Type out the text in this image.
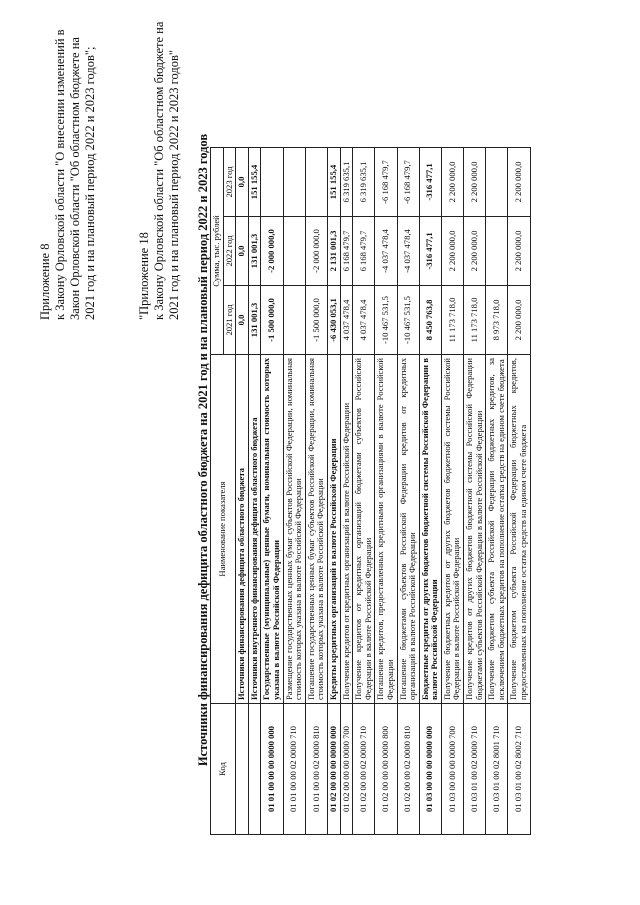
Приложение 8 к Закону Орловской области "О внесении изменений в Закон Орловской области "Об областном бюджете на 2021 год и на плановый период 2022 и 2023 годов";	"Приложение 18 к Закону Орловской области "Об областном бюджете на 2021 год и на плановый период 2022 и 2023 годов" Источники финансирования дефицита областного бюджета на 2021 год и на плановый период 2022 и 2023 годов
Код	Наименование показателя	Сумма, тыс. рублей		
		2021 год	2022 год	2023 год
	Источники финансирования дефицита областного бюджета	0,0	0,0	0,0
	Источники внутреннего финансирования дефицита областного бюджета	131 001,3	131 001,3	151 155,4
01 01 00 00 00 0000 000	Государственные (муниципальные) ценные бумаги, номинальная стоимость которых указана в валюте Российской Федерации	-1 500 000,0	-2 000 000,0	
01 01 00 00 02 0000 710	Размещение государственных ценных бумаг субъектов Российской Федерации, номинальная стоимость которых указана в валюте Российской Федерации			
01 01 00 00 02 0000 810	Погашение государственных ценных бумаг субъектов Российской Федерации, номинальная стоимость которых указана в валюте Российской Федерации	-1 500 000,0	-2 000 000,0	
01 02 00 00 00 0000 000	Кредиты кредитных организаций в валюте Российской Федерации	-6 430 053,1	2 131 001,3	151 155,4
01 02 00 00 00 0000 700	Получение кредитов от кредитных организаций в валюте Российской Федерации	4 037 478,4	6 168 479,7	6 319 635,1
01 02 00 00 02 0000 710	Получение кредитов от кредитных организаций бюджетами субъектов Российской Федерации в валюте Российской Федерации	4 037 478,4	6 168 479,7	6 319 635,1
01 02 00 00 00 0000 800	Погашение кредитов, предоставленных кредитными организациями в валюте Российской Федерации	-10 467 531,5	-4 037 478,4	-6 168 479,7
01 02 00 00 02 0000 810	Погашение бюджетами субъектов Российской Федерации кредитов от кредитных организаций в валюте Российской Федерации	-10 467 531,5	-4 037 478,4	-6 168 479,7
01 03 00 00 00 0000 000	Бюджетные кредиты от других бюджетов бюджетной системы Российской Федерации в валюте Российской Федерации	8 450 763,8	-316 477,1	-316 477,1
01 03 00 00 00 0000 700	Получение бюджетных кредитов от других бюджетов бюджетной системы Российской Федерации в валюте Российской Федерации	11 173 718,0	2 200 000,0	2 200 000,0
01 03 01 00 02 0000 710	Получение кредитов от других бюджетов бюджетной системы Российской Федерации бюджетами субъектов Российской Федерации в валюте Российской Федерации	11 173 718,0	2 200 000,0	2 200 000,0
01 03 01 00 02 8001 710	Получение бюджетом субъекта Российской Федерации бюджетных кредитов, за исключением бюджетных кредитов на пополнение остатка средств на едином счете бюджета	8 973 718,0		
01 03 01 00 02 8002 710	Получение бюджетом субъекта Российской Федерации бюджетных кредитов, предоставленных на пополнение остатка средств на едином счете бюджета	2 200 000,0	2 200 000,0	2 200 000,0
